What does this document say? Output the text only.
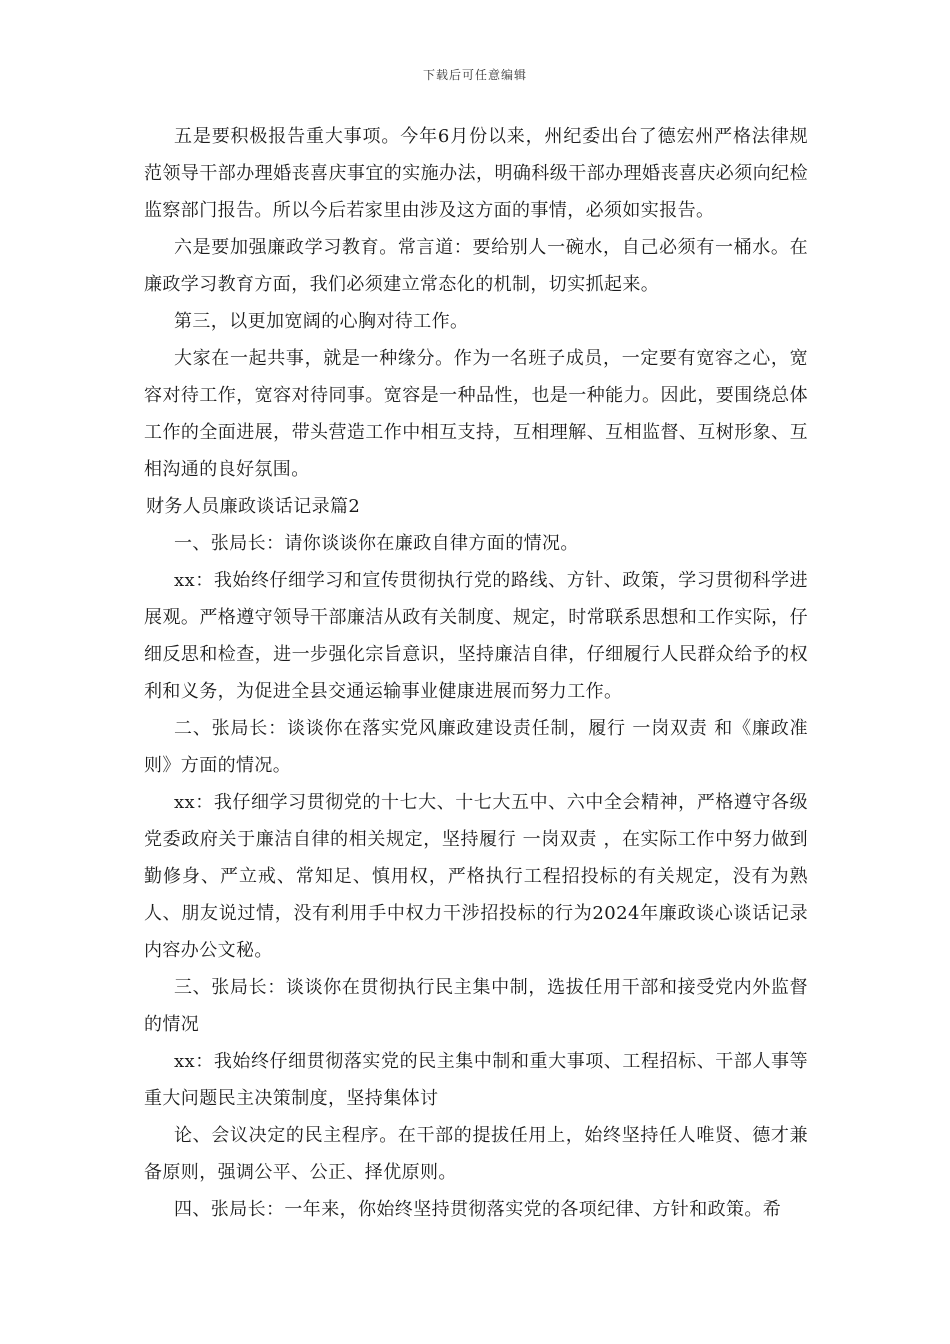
下载后可任意编辑

五是要积极报告重大事项。今年6月份以来，州纪委出台了德宏州严格法律规范领导干部办理婚丧喜庆事宜的实施办法，明确科级干部办理婚丧喜庆必须向纪检监察部门报告。所以今后若家里由涉及这方面的事情，必须如实报告。

六是要加强廉政学习教育。常言道：要给别人一碗水，自己必须有一桶水。在廉政学习教育方面，我们必须建立常态化的机制，切实抓起来。

第三，以更加宽阔的心胸对待工作。

大家在一起共事，就是一种缘分。作为一名班子成员，一定要有宽容之心，宽容对待工作，宽容对待同事。宽容是一种品性，也是一种能力。因此，要围绕总体工作的全面进展，带头营造工作中相互支持，互相理解、互相监督、互树形象、互相沟通的良好氛围。

财务人员廉政谈话记录篇2

一、张局长：请你谈谈你在廉政自律方面的情况。

xx：我始终仔细学习和宣传贯彻执行党的路线、方针、政策，学习贯彻科学进展观。严格遵守领导干部廉洁从政有关制度、规定，时常联系思想和工作实际，仔细反思和检查，进一步强化宗旨意识，坚持廉洁自律，仔细履行人民群众给予的权利和义务，为促进全县交通运输事业健康进展而努力工作。

二、张局长：谈谈你在落实党风廉政建设责任制，履行 一岗双责 和《廉政准则》方面的情况。

xx：我仔细学习贯彻党的十七大、十七大五中、六中全会精神，严格遵守各级党委政府关于廉洁自律的相关规定，坚持履行 一岗双责 ，在实际工作中努力做到勤修身、严立戒、常知足、慎用权，严格执行工程招投标的有关规定，没有为熟人、朋友说过情，没有利用手中权力干涉招投标的行为2024年廉政谈心谈话记录内容办公文秘。

三、张局长：谈谈你在贯彻执行民主集中制，选拔任用干部和接受党内外监督的情况

xx：我始终仔细贯彻落实党的民主集中制和重大事项、工程招标、干部人事等重大问题民主决策制度，坚持集体讨

论、会议决定的民主程序。在干部的提拔任用上，始终坚持任人唯贤、德才兼备原则，强调公平、公正、择优原则。

四、张局长：一年来，你始终坚持贯彻落实党的各项纪律、方针和政策。希
